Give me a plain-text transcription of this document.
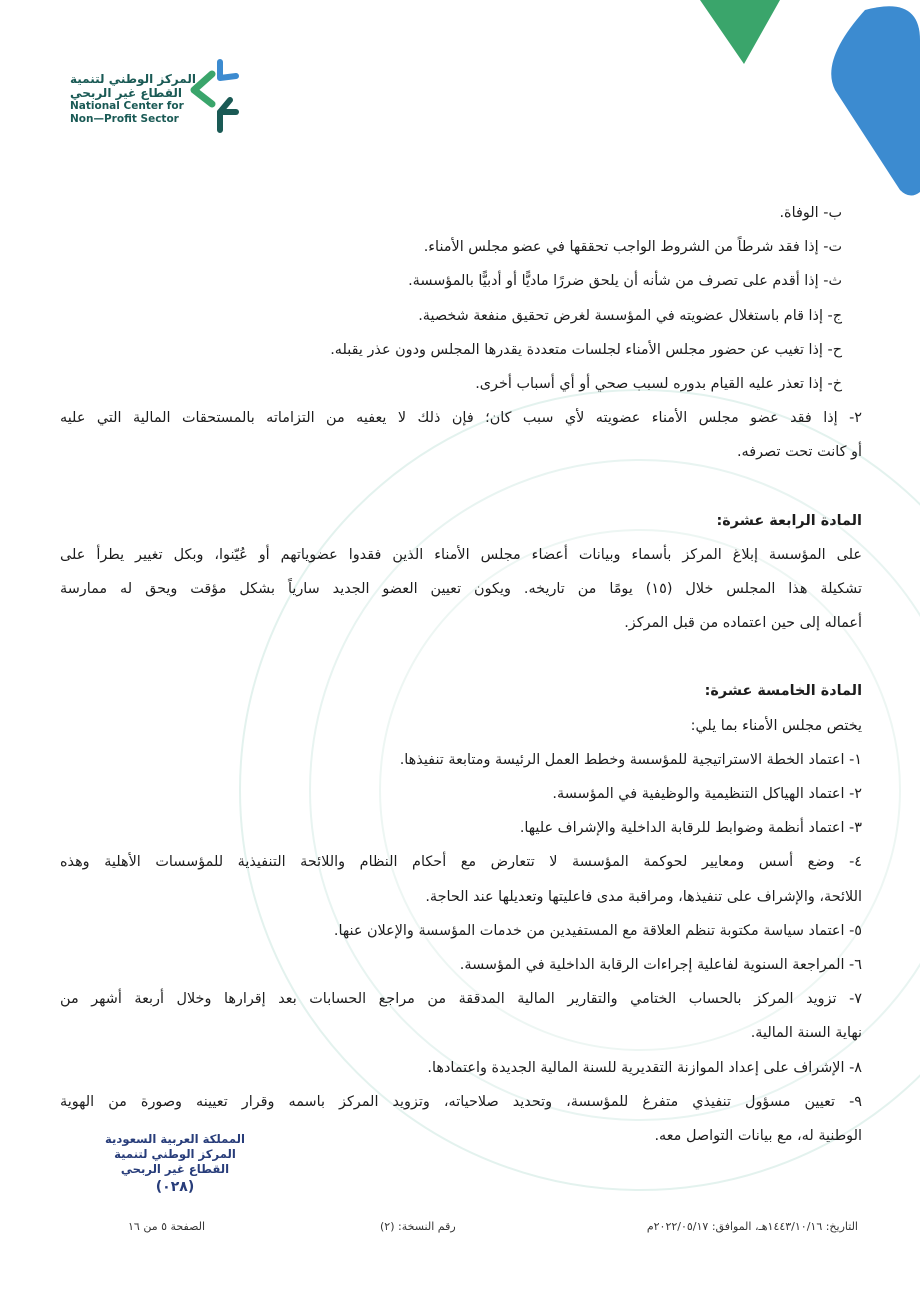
المركز الوطني لتنمية
القطاع غير الربحي
National Center for
Non—Profit Sector
ب- الوفاة.
ت- إذا فقد شرطاً من الشروط الواجب تحققها في عضو مجلس الأمناء.
ث- إذا أقدم على تصرف من شأنه أن يلحق ضررًا ماديًّا أو أدبيًّا بالمؤسسة.
ج- إذا قام باستغلال عضويته في المؤسسة لغرض تحقيق منفعة شخصية.
ح- إذا تغيب عن حضور مجلس الأمناء لجلسات متعددة يقدرها المجلس ودون عذر يقبله.
خ- إذا تعذر عليه القيام بدوره لسبب صحي أو أي أسباب أخرى.
٢- إذا فقد عضو مجلس الأمناء عضويته لأي سبب كان؛ فإن ذلك لا يعفيه من التزاماته بالمستحقات المالية التي عليه
أو كانت تحت تصرفه.
المادة الرابعة عشرة:
على المؤسسة إبلاغ المركز بأسماء وبيانات أعضاء مجلس الأمناء الذين فقدوا عضوياتهم أو عُيّنوا، وبكل تغيير يطرأ على
تشكيلة هذا المجلس خلال (١٥) يومًا من تاريخه. ويكون تعيين العضو الجديد سارياً بشكل مؤقت ويحق له ممارسة
أعماله إلى حين اعتماده من قبل المركز.
المادة الخامسة عشرة:
يختص مجلس الأمناء بما يلي:
١- اعتماد الخطة الاستراتيجية للمؤسسة وخطط العمل الرئيسة ومتابعة تنفيذها.
٢- اعتماد الهياكل التنظيمية والوظيفية في المؤسسة.
٣- اعتماد أنظمة وضوابط للرقابة الداخلية والإشراف عليها.
٤- وضع أسس ومعايير لحوكمة المؤسسة لا تتعارض مع أحكام النظام واللائحة التنفيذية للمؤسسات الأهلية وهذه
اللائحة، والإشراف على تنفيذها، ومراقبة مدى فاعليتها وتعديلها عند الحاجة.
٥- اعتماد سياسة مكتوبة تنظم العلاقة مع المستفيدين من خدمات المؤسسة والإعلان عنها.
٦- المراجعة السنوية لفاعلية إجراءات الرقابة الداخلية في المؤسسة.
٧- تزويد المركز بالحساب الختامي والتقارير المالية المدققة من مراجع الحسابات بعد إقرارها وخلال أربعة أشهر من
نهاية السنة المالية.
٨- الإشراف على إعداد الموازنة التقديرية للسنة المالية الجديدة واعتمادها.
٩- تعيين مسؤول تنفيذي متفرغ للمؤسسة، وتحديد صلاحياته، وتزويد المركز باسمه وقرار تعيينه وصورة من الهوية
الوطنية له، مع بيانات التواصل معه.
المملكة العربية السعودية
المركز الوطني لتنمية
القطاع غير الربحي
(٠٢٨)
التاريخ: ١٤٤٣/١٠/١٦هـ، الموافق: ٢٠٢٢/٠٥/١٧م
رقم النسخة: (٢)
الصفحة ٥ من ١٦
